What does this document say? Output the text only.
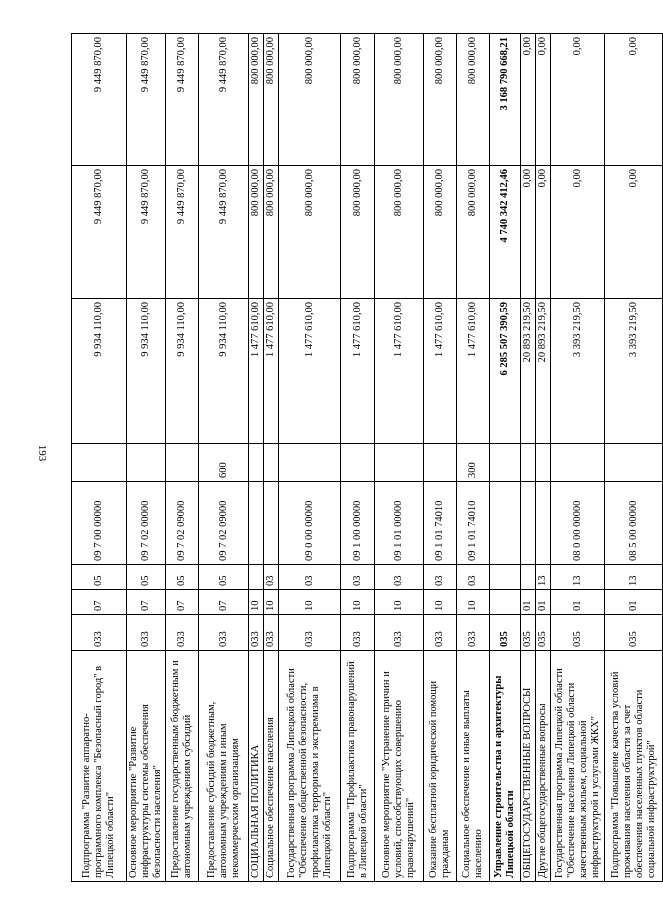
193
Подпрограмма "Развитие аппаратно-программного комплекса "Безопасный город" в Липецкой области"	033	07	05	09 7 00 00000		9 934 110,00	9 449 870,00	9 449 870,00
Основное мероприятие "Развитие инфраструктуры системы обеспечения безопасности населения"	033	07	05	09 7 02 00000		9 934 110,00	9 449 870,00	9 449 870,00
Предоставление государственным бюджетным и автономным учреждениям субсидий	033	07	05	09 7 02 09000		9 934 110,00	9 449 870,00	9 449 870,00
Предоставление субсидий бюджетным, автономным учреждениям и иным некоммерческим организациям	033	07	05	09 7 02 09000	600	9 934 110,00	9 449 870,00	9 449 870,00
СОЦИАЛЬНАЯ ПОЛИТИКА	033	10				1 477 610,00	800 000,00	800 000,00
Социальное обеспечение населения	033	10	03			1 477 610,00	800 000,00	800 000,00
Государственная программа Липецкой области "Обеспечение общественной безопасности, профилактика терроризма и экстремизма в Липецкой области"	033	10	03	09 0 00 00000		1 477 610,00	800 000,00	800 000,00
Подпрограмма "Профилактика правонарушений в Липецкой области"	033	10	03	09 1 00 00000		1 477 610,00	800 000,00	800 000,00
Основное мероприятие "Устранение причин и условий, способствующих совершению правонарушений"	033	10	03	09 1 01 00000		1 477 610,00	800 000,00	800 000,00
Оказание бесплатной юридической помощи гражданам	033	10	03	09 1 01 74010		1 477 610,00	800 000,00	800 000,00
Социальное обеспечение и иные выплаты населению	033	10	03	09 1 01 74010	300	1 477 610,00	800 000,00	800 000,00
Управление строительства и архитектуры Липецкой области	035					6 285 507 390,59	4 740 342 412,46	3 168 790 668,21
ОБЩЕГОСУДАРСТВЕННЫЕ ВОПРОСЫ	035	01				20 893 219,50	0,00	0,00
Другие общегосударственные вопросы	035	01	13			20 893 219,50	0,00	0,00
Государственная программа Липецкой области "Обеспечение населения Липецкой области качественным жильем, социальной инфраструктурой и услугами ЖКХ"	035	01	13	08 0 00 00000		3 393 219,50	0,00	0,00
Подпрограмма "Повышение качества условий проживания населения области за счет обеспечения населенных пунктов области социальной инфраструктурой"	035	01	13	08 5 00 00000		3 393 219,50	0,00	0,00
